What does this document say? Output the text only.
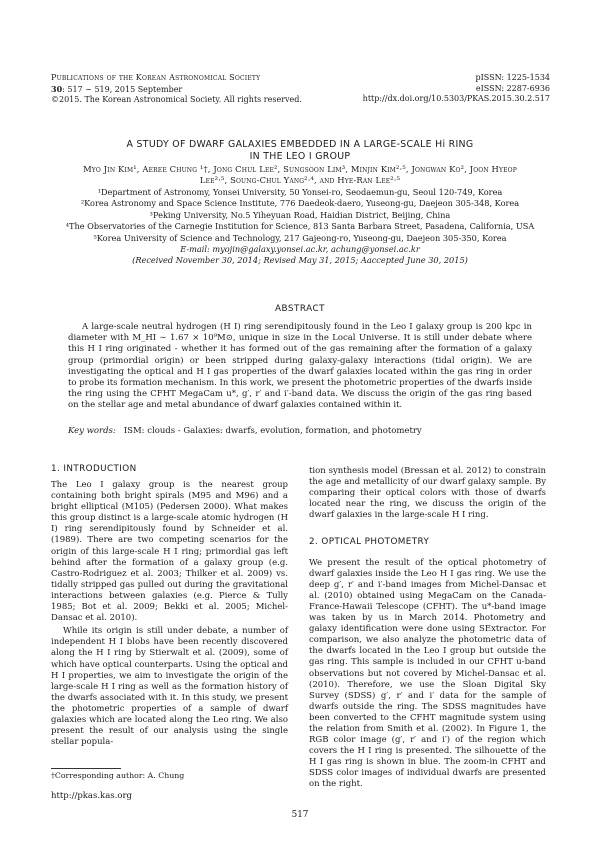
Publications of the Korean Astronomical Society
30: 517 ∼ 519, 2015 September
©2015. The Korean Astronomical Society. All rights reserved.
pISSN: 1225-1534
eISSN: 2287-6936
http://dx.doi.org/10.5303/PKAS.2015.30.2.517
A STUDY OF DWARF GALAXIES EMBEDDED IN A LARGE-SCALE Hi RING
IN THE LEO I GROUP
Myo Jin Kim¹, Aeree Chung ¹†, Jong Chul Lee², Sungsoon Lim³, Minjin Kim²·⁵, Jongwan Ko², Joon Hyeop
Lee²·⁵, Soung-Chul Yang²·⁴, and Hye-Ran Lee²·⁵
¹Department of Astronomy, Yonsei University, 50 Yonsei-ro, Seodaemun-gu, Seoul 120-749, Korea
²Korea Astronomy and Space Science Institute, 776 Daedeok-daero, Yuseong-gu, Daejeon 305-348, Korea
³Peking University, No.5 Yiheyuan Road, Haidian District, Beijing, China
⁴The Observatories of the Carnegie Institution for Science, 813 Santa Barbara Street, Pasadena, California, USA
⁵Korea University of Science and Technology, 217 Gajeong-ro, Yuseong-gu, Daejeon 305-350, Korea
E-mail: myojin@galaxy.yonsei.ac.kr, achung@yonsei.ac.kr
(Received November 30, 2014; Revised May 31, 2015; Aaccepted June 30, 2015)
ABSTRACT

A large-scale neutral hydrogen (H I) ring serendipitously found in the Leo I galaxy group is 200 kpc in diameter with M_HI ∼ 1.67 × 10⁹M⊙, unique in size in the Local Universe. It is still under debate where this H I ring originated - whether it has formed out of the gas remaining after the formation of a galaxy group (primordial origin) or been stripped during galaxy-galaxy interactions (tidal origin). We are investigating the optical and H I gas properties of the dwarf galaxies located within the gas ring in order to probe its formation mechanism. In this work, we present the photometric properties of the dwarfs inside the ring using the CFHT MegaCam u*, g′, r′ and i′-band data. We discuss the origin of the gas ring based on the stellar age and metal abundance of dwarf galaxies contained within it.

Key words: ISM: clouds - Galaxies: dwarfs, evolution, formation, and photometry
1. INTRODUCTION

The Leo I galaxy group is the nearest group containing both bright spirals (M95 and M96) and a bright elliptical (M105) (Pedersen 2000). What makes this group distinct is a large-scale atomic hydrogen (H I) ring serendipitously found by Schneider et al. (1989). There are two competing scenarios for the origin of this large-scale H I ring; primordial gas left behind after the formation of a galaxy group (e.g. Castro-Rodriguez et al. 2003; Thilker et al. 2009) vs. tidally stripped gas pulled out during the gravitational interactions between galaxies (e.g. Pierce & Tully 1985; Bot et al. 2009; Bekki et al. 2005; Michel-Dansac et al. 2010).

While its origin is still under debate, a number of independent H I blobs have been recently discovered along the H I ring by Stierwalt et al. (2009), some of which have optical counterparts. Using the optical and H I properties, we aim to investigate the origin of the large-scale H I ring as well as the formation history of the dwarfs associated with it. In this study, we present the photometric properties of a sample of dwarf galaxies which are located along the Leo ring. We also present the result of our analysis using the single stellar popula-

tion synthesis model (Bressan et al. 2012) to constrain the age and metallicity of our dwarf galaxy sample. By comparing their optical colors with those of dwarfs located near the ring, we discuss the origin of the dwarf galaxies in the large-scale H I ring.

2. OPTICAL PHOTOMETRY

We present the result of the optical photometry of dwarf galaxies inside the Leo H I gas ring. We use the deep g′, r′ and i′-band images from Michel-Dansac et al. (2010) obtained using MegaCam on the Canada-France-Hawaii Telescope (CFHT). The u*-band image was taken by us in March 2014. Photometry and galaxy identification were done using SExtractor. For comparison, we also analyze the photometric data of the dwarfs located in the Leo I group but outside the gas ring. This sample is included in our CFHT u-band observations but not covered by Michel-Dansac et al. (2010). Therefore, we use the Sloan Digital Sky Survey (SDSS) g′, r′ and i′ data for the sample of dwarfs outside the ring. The SDSS magnitudes have been converted to the CFHT magnitude system using the relation from Smith et al. (2002). In Figure 1, the RGB color image (g′, r′ and i′) of the region which covers the H I ring is presented. The silhouette of the H I gas ring is shown in blue. The zoom-in CFHT and SDSS color images of individual dwarfs are presented on the right.

†Corresponding author: A. Chung
http://pkas.kas.org
517
